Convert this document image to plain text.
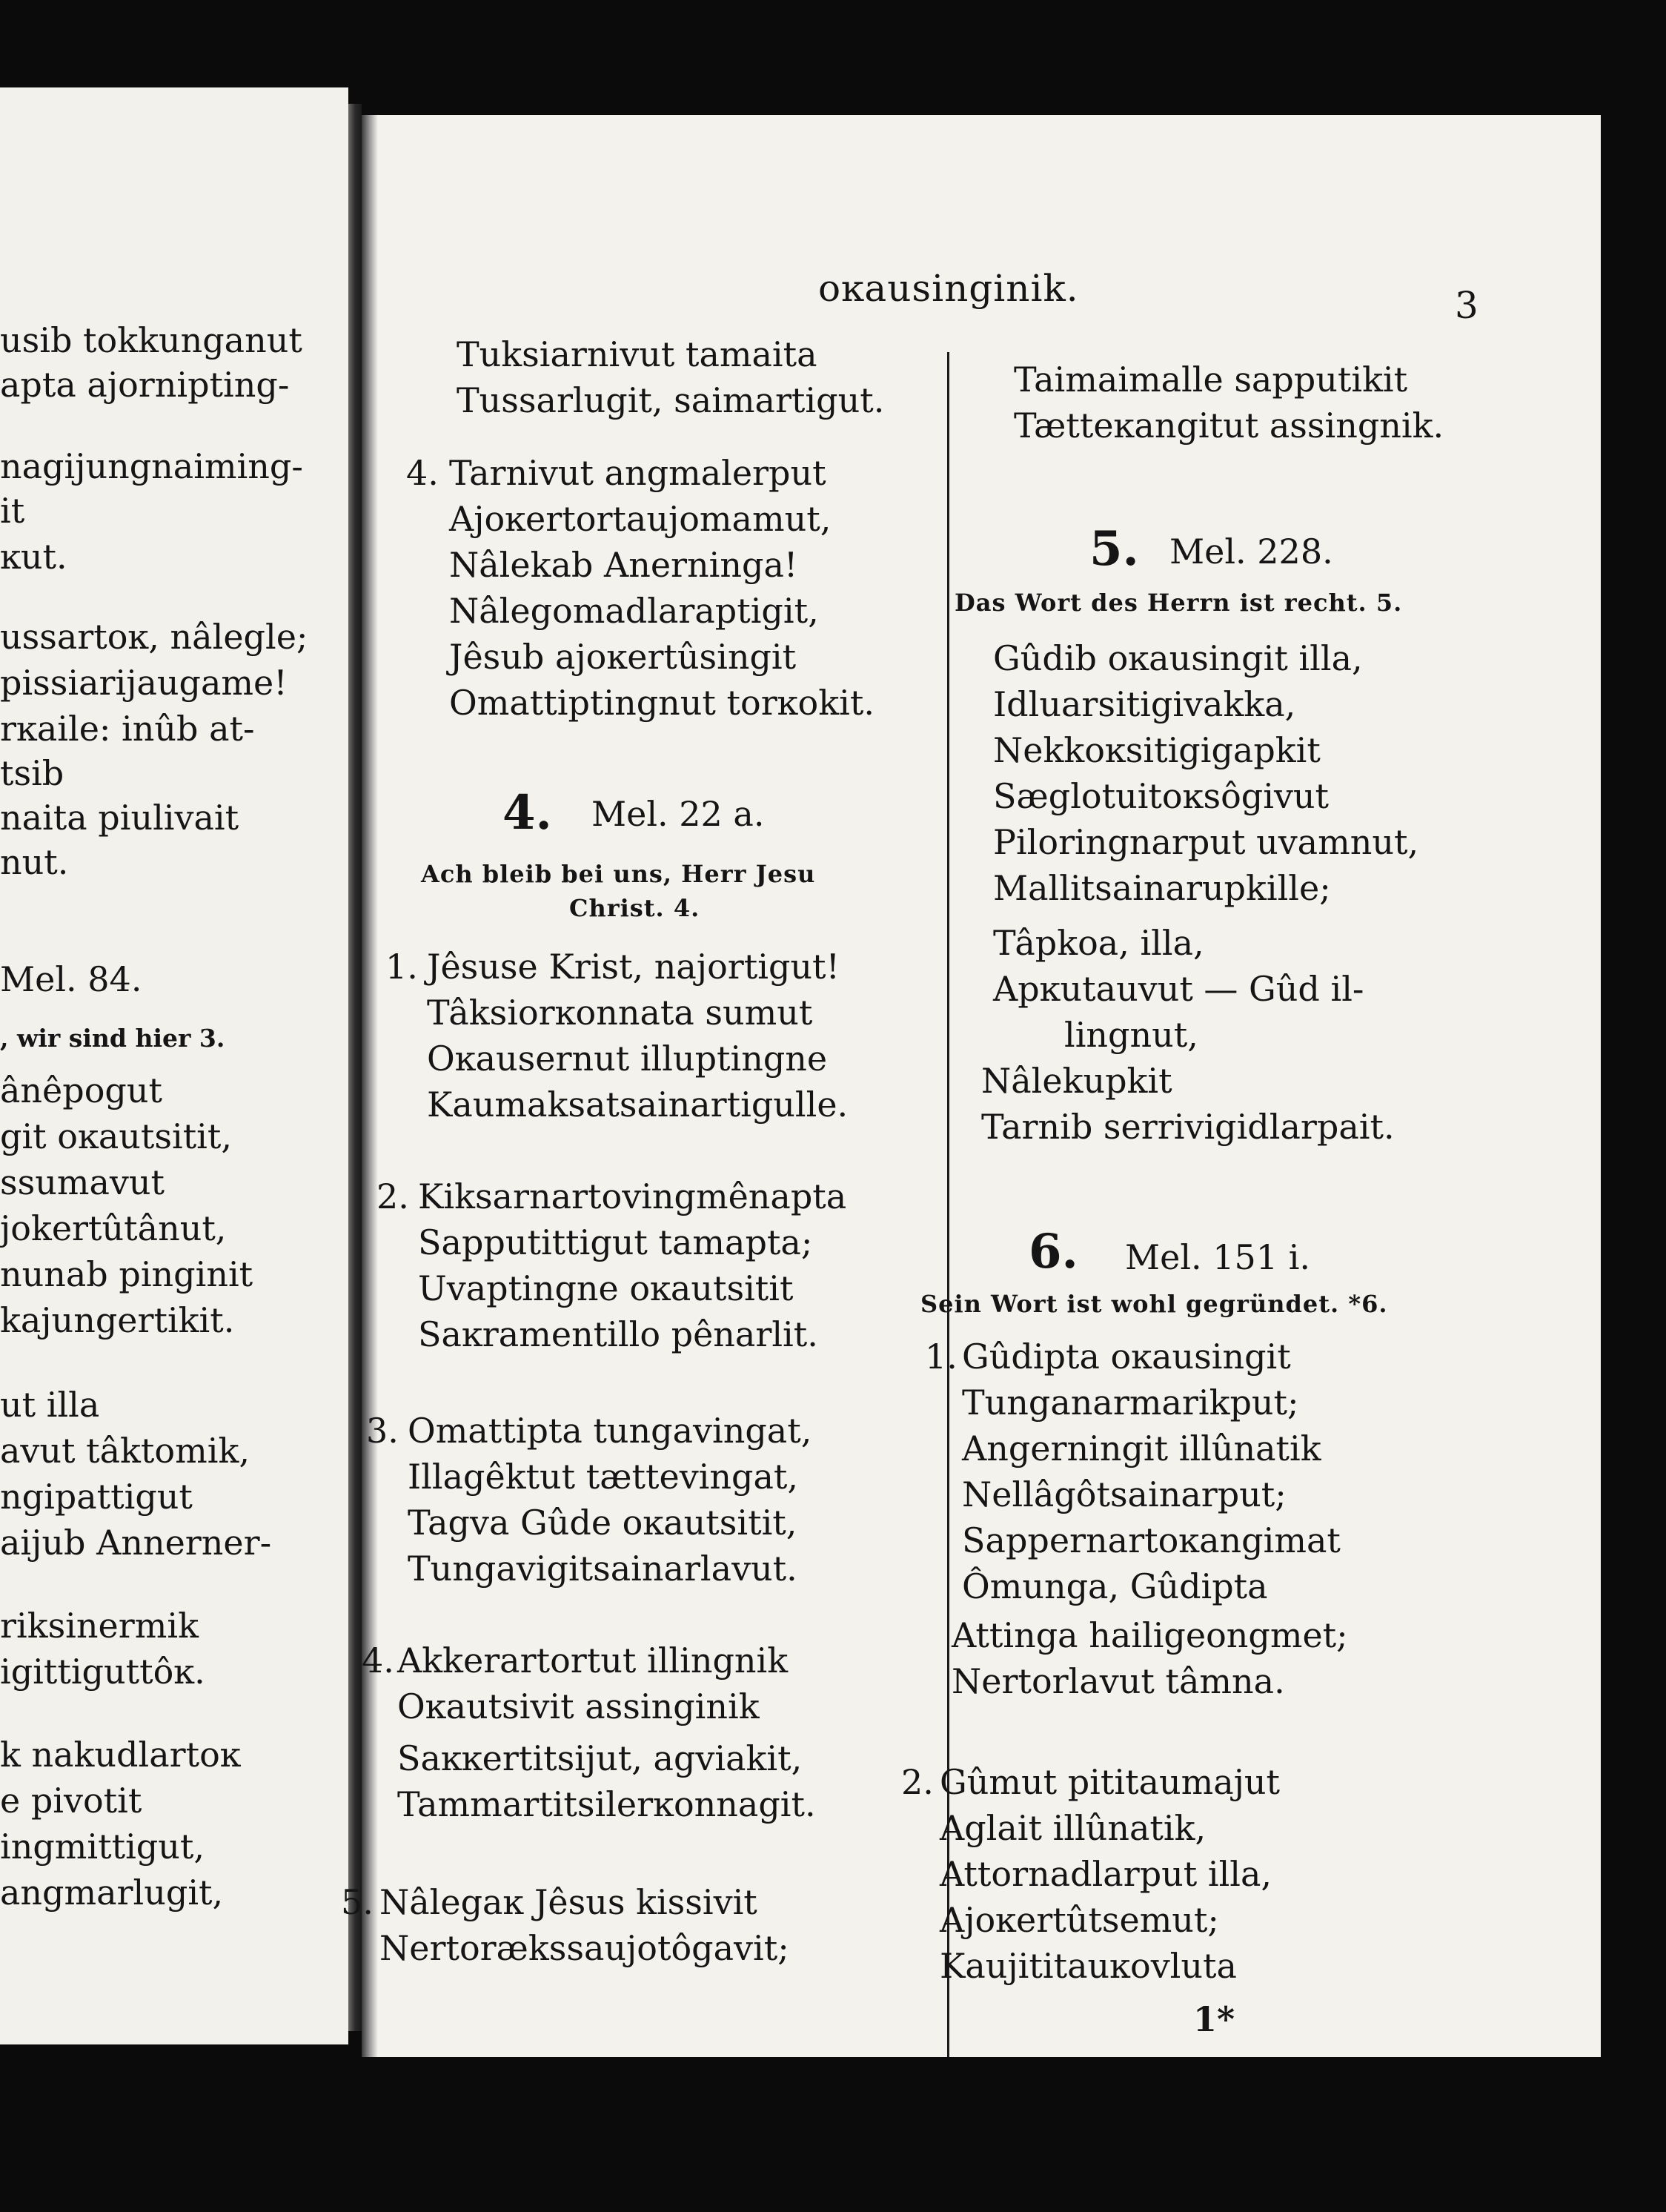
usib tokkunganut
apta ajorniptіng-
nagijungnaiming-
it
ĸut.
ussartoĸ, nâlegle;
pissiarijaugame!
rĸaile: inûb at-
tsib
naita piulivait
nut.
Mel. 84.
, wir sind hier 3.
ânêpogut
git oĸautsitit,
ssumavut
jokertûtânut,
nunab pinginit
kajungertikit.
ut illa
avut tâktomik,
ngipattigut
aijub Annerner-
riksinermik
igittiguttôĸ.
k nakudlartoĸ
e pivotit
ingmittigut,
angmarlugit,
oĸausinginik.	3
Tuksiarnivut tamaita
Tussarlugit, saimartigut.
4. Tarnivut angmalerput
Ajoĸertortaujomamut,
Nâlekab Anerninga!
Nâlegomadlaraptigit,
Jêsub ajoĸertûsingit
Omattiptingnut torĸokit.
4. Mel. 22 a.
Ach bleib bei uns, Herr Jesu
Christ. 4.
1. Jêsuse Krist, najortigut!
Tâksiorĸonnata sumut
Oĸausernut illuptingne
Kaumaksatsainartigulle.
2. Kiksarnartovingmênapta
Sapputittigut tamapta;
Uvaptingne oĸautsitit
Saĸramentillo pênarlit.
3. Omattipta tungavingat,
Illagêktut tættevingat,
Tagva Gûde oĸautsitit,
Tungavigitsainarlavut.
4. Akkerartortut illingnik
Oĸautsivit assinginik
Saĸĸertitsijut, agviakit,
Tammartitsilerĸonnagit.
5. Nâlegaĸ Jêsus kissivit
Nertorækssaujotôgavit;
Taimaimalle sapputikit
Tætteĸangitut assingnik.
5. Mel. 228.
Das Wort des Herrn ist recht. 5.
Gûdib oĸausingit illa,
Idluarsitigivakka,
Nekkoĸsitigigapkit
Sæglotuitoĸsôgivut
Piloringnarput uvamnut,
Mallitsainarupkille;
Tâpkoa, illa,
Apĸutauvut — Gûd il-
lingnut,
Nâlekupkit
Tarnib serrivigidlarpait.
6. Mel. 151 i.
Sein Wort ist wohl gegründet. *6.
1. Gûdipta oĸausingit
Tunganarmarikput;
Angerningit illûnatik
Nellâgôtsainarput;
Sappernartoĸangimat
Ômunga, Gûdipta
Attinga hailigeongmet;
Nertorlavut tâmna.
2. Gûmut pititaumajut
Aglait illûnatik,
Attornadlarput illa,
Ajoĸertûtsemut;
Kaujititauĸovluta
1*
